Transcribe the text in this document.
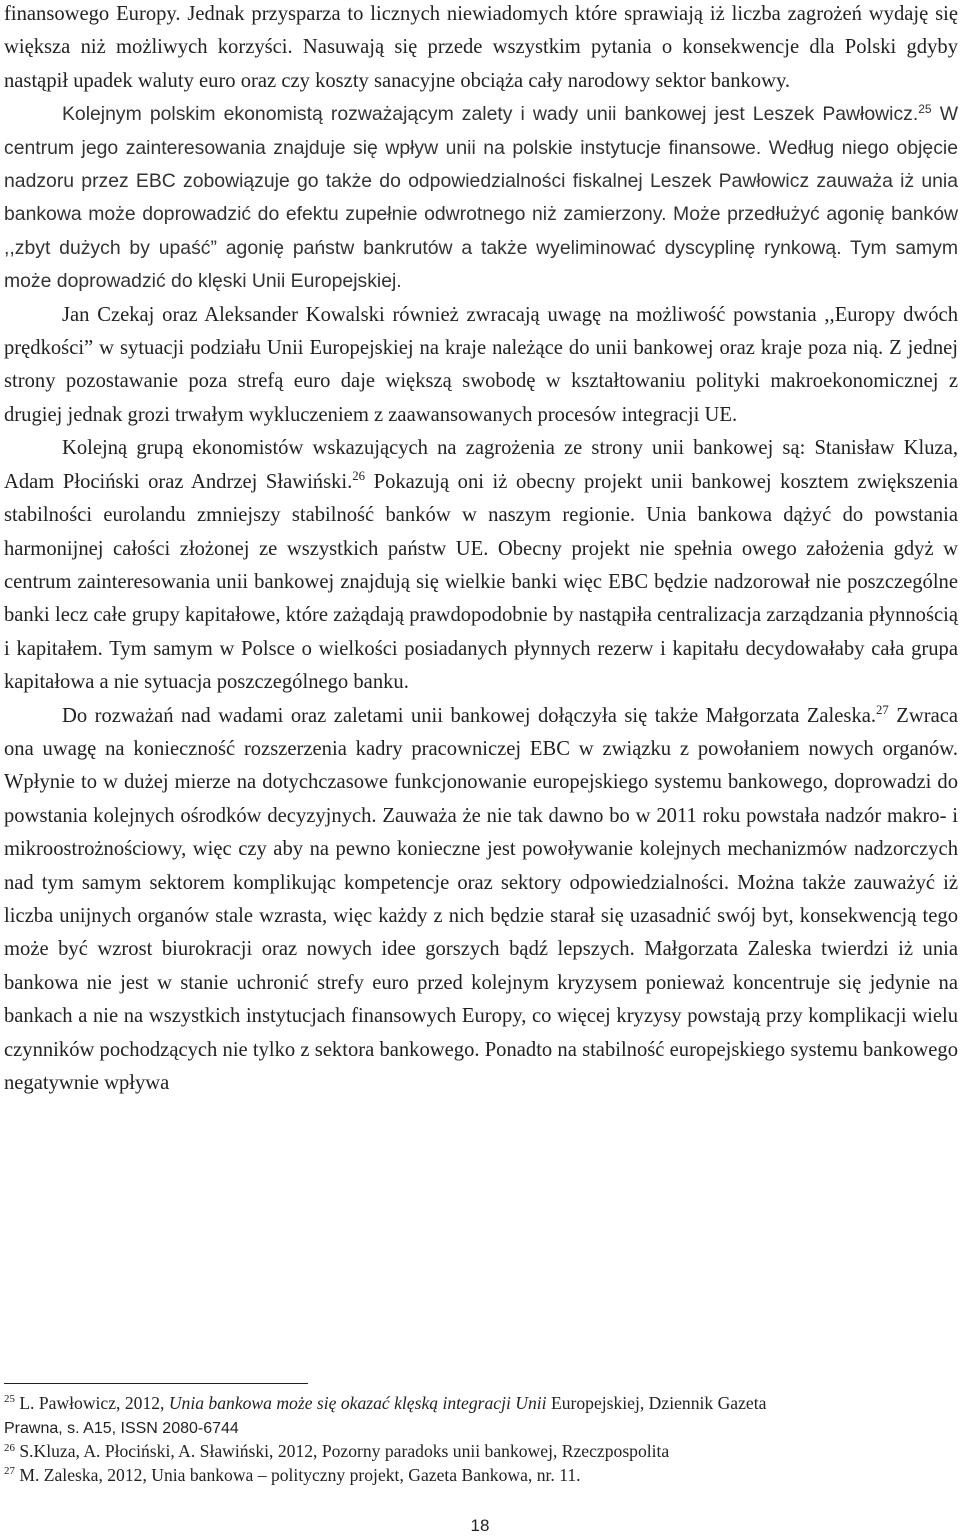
finansowego Europy. Jednak przysparza to licznych niewiadomych które sprawiają iż liczba zagrożeń wydaję się większa niż możliwych korzyści. Nasuwają się przede wszystkim pytania o konsekwencje dla Polski gdyby nastąpił upadek waluty euro oraz czy koszty sanacyjne obciąża cały narodowy sektor bankowy.

Kolejnym polskim ekonomistą rozważającym zalety i wady unii bankowej jest Leszek Pawłowicz.$^{25}$ W centrum jego zainteresowania znajduje się wpływ unii na polskie instytucje finansowe. Według niego objęcie nadzoru przez EBC zobowiązuje go także do odpowiedzialności fiskalnej Leszek Pawłowicz zauważa iż unia bankowa może doprowadzić do efektu zupełnie odwrotnego niż zamierzony. Może przedłużyć agonię banków ,,zbyt dużych by upaść” agonię państw bankrutów a także wyeliminować dyscyplinę rynkową. Tym samym może doprowadzić do klęski Unii Europejskiej.

Jan Czekaj oraz Aleksander Kowalski również zwracają uwagę na możliwość powstania ,,Europy dwóch prędkości” w sytuacji podziału Unii Europejskiej na kraje należące do unii bankowej oraz kraje poza nią. Z jednej strony pozostawanie poza strefą euro daje większą swobodę w kształtowaniu polityki makroekonomicznej z drugiej jednak grozi trwałym wykluczeniem z zaawansowanych procesów integracji UE.

Kolejną grupą ekonomistów wskazujących na zagrożenia ze strony unii bankowej są: Stanisław Kluza, Adam Płociński oraz Andrzej Sławiński.$^{26}$ Pokazują oni iż obecny projekt unii bankowej kosztem zwiększenia stabilności eurolandu zmniejszy stabilność banków w naszym regionie. Unia bankowa dążyć do powstania harmonijnej całości złożonej ze wszystkich państw UE. Obecny projekt nie spełnia owego założenia gdyż w centrum zainteresowania unii bankowej znajdują się wielkie banki więc EBC będzie nadzorował nie poszczególne banki lecz całe grupy kapitałowe, które zażądają prawdopodobnie by nastąpiła centralizacja zarządzania płynnością i kapitałem. Tym samym w Polsce o wielkości posiadanych płynnych rezerw i kapitału decydowałaby cała grupa kapitałowa a nie sytuacja poszczególnego banku.

Do rozważań nad wadami oraz zaletami unii bankowej dołączyła się także Małgorzata Zaleska.$^{27}$ Zwraca ona uwagę na konieczność rozszerzenia kadry pracowniczej EBC w związku z powołaniem nowych organów. Wpłynie to w dużej mierze na dotychczasowe funkcjonowanie europejskiego systemu bankowego, doprowadzi do powstania kolejnych ośrodków decyzyjnych. Zauważa że nie tak dawno bo w 2011 roku powstała nadzór makro- i mikroostrożnościowy, więc czy aby na pewno konieczne jest powoływanie kolejnych mechanizmów nadzorczych nad tym samym sektorem komplikując kompetencje oraz sektory odpowiedzialności. Można także zauważyć iż liczba unijnych organów stale wzrasta, więc każdy z nich będzie starał się uzasadnić swój byt, konsekwencją tego może być wzrost biurokracji oraz nowych idee gorszych bądź lepszych. Małgorzata Zaleska twierdzi iż unia bankowa nie jest w stanie uchronić strefy euro przed kolejnym kryzysem ponieważ koncentruje się jedynie na bankach a nie na wszystkich instytucjach finansowych Europy, co więcej kryzysy powstają przy komplikacji wielu czynników pochodzących nie tylko z sektora bankowego. Ponadto na stabilność europejskiego systemu bankowego negatywnie wpływa

$^{25}$ L. Pawłowicz, 2012, Unia bankowa może się okazać klęską integracji Unii Europejskiej, Dziennik Gazeta
Prawna, s. A15, ISSN 2080-6744

$^{26}$ S.Kluza, A. Płociński, A. Sławiński, 2012, Pozorny paradoks unii bankowej, Rzeczpospolita

$^{27}$ M. Zaleska, 2012, Unia bankowa – polityczny projekt, Gazeta Bankowa, nr. 11.

18
